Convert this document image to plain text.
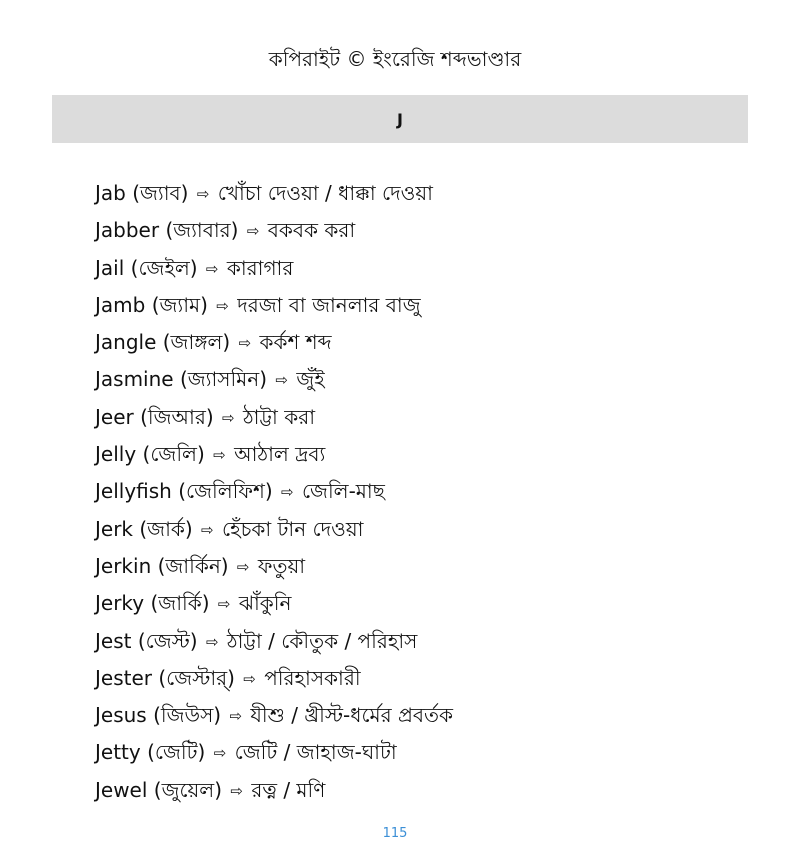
কপিরাইট © ইংরেজি শব্দভাণ্ডার
J
Jab (জ্যাব) ⇨ খোঁচা দেওয়া / ধাক্কা দেওয়া
Jabber (জ্যাবার) ⇨ বকবক করা
Jail (জেইল) ⇨ কারাগার
Jamb (জ্যাম) ⇨ দরজা বা জানলার বাজু
Jangle (জাঙ্গল) ⇨ কর্কশ শব্দ
Jasmine (জ্যাসমিন) ⇨ জুঁই
Jeer (জিআর) ⇨ ঠাট্টা করা
Jelly (জেলি) ⇨ আঠাল দ্রব্য
Jellyfish (জেলিফিশ) ⇨ জেলি-মাছ
Jerk (জার্ক) ⇨ হেঁচকা টান দেওয়া
Jerkin (জার্কিন) ⇨ ফতুয়া
Jerky (জার্কি) ⇨ ঝাঁকুনি
Jest (জেস্ট) ⇨ ঠাট্টা / কৌতুক / পরিহাস
Jester (জেস্টার্) ⇨ পরিহাসকারী
Jesus (জিউস) ⇨ যীশু / খ্রীস্ট-ধর্মের প্রবর্তক
Jetty (জেটি) ⇨ জেটি / জাহাজ-ঘাটা
Jewel (জুয়েল) ⇨ রত্ন / মণি
115
